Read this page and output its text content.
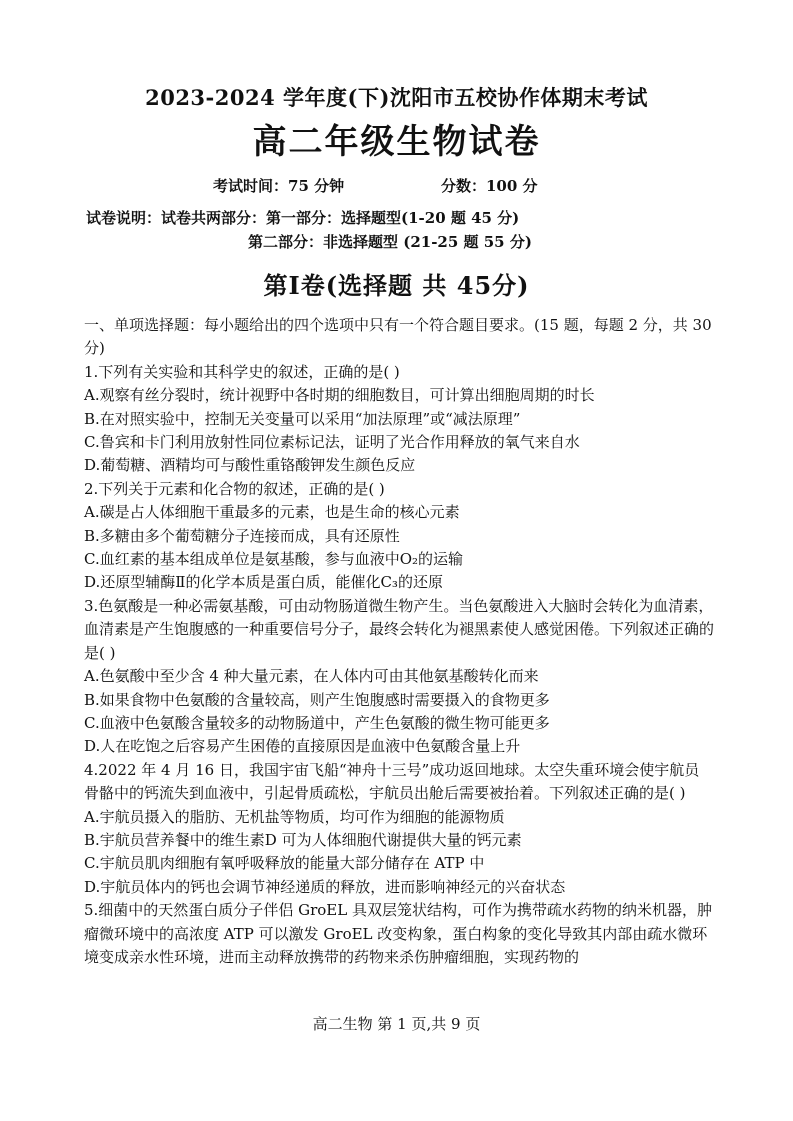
2023-2024 学年度(下)沈阳市五校协作体期末考试
高二年级生物试卷
考试时间：75 分钟	分数：100 分
试卷说明：试卷共两部分：第一部分：选择题型(1-20 题 45 分)
第二部分：非选择题型 (21-25 题 55 分)
第Ⅰ卷(选择题 共 45分)

一、单项选择题：每小题给出的四个选项中只有一个符合题目要求。(15 题，每题 2 分，共 30 分)

1.下列有关实验和其科学史的叙述，正确的是( )

A.观察有丝分裂时，统计视野中各时期的细胞数目，可计算出细胞周期的时长

B.在对照实验中，控制无关变量可以采用“加法原理”或“减法原理”

C.鲁宾和卡门利用放射性同位素标记法，证明了光合作用释放的氧气来自水

D.葡萄糖、酒精均可与酸性重铬酸钾发生颜色反应

2.下列关于元素和化合物的叙述，正确的是( )

A.碳是占人体细胞干重最多的元素，也是生命的核心元素

B.多糖由多个葡萄糖分子连接而成，具有还原性

C.血红素的基本组成单位是氨基酸，参与血液中O₂的运输

D.还原型辅酶Ⅱ的化学本质是蛋白质，能催化C₃的还原

3.色氨酸是一种必需氨基酸，可由动物肠道微生物产生。当色氨酸进入大脑时会转化为血清素，血清素是产生饱腹感的一种重要信号分子，最终会转化为褪黑素使人感觉困倦。下列叙述正确的是( )

A.色氨酸中至少含 4 种大量元素，在人体内可由其他氨基酸转化而来

B.如果食物中色氨酸的含量较高，则产生饱腹感时需要摄入的食物更多

C.血液中色氨酸含量较多的动物肠道中，产生色氨酸的微生物可能更多

D.人在吃饱之后容易产生困倦的直接原因是血液中色氨酸含量上升

4.2022 年 4 月 16 日，我国宇宙飞船“神舟十三号”成功返回地球。太空失重环境会使宇航员骨骼中的钙流失到血液中，引起骨质疏松，宇航员出舱后需要被抬着。下列叙述正确的是( )

A.宇航员摄入的脂肪、无机盐等物质，均可作为细胞的能源物质

B.宇航员营养餐中的维生素D 可为人体细胞代谢提供大量的钙元素

C.宇航员肌肉细胞有氧呼吸释放的能量大部分储存在 ATP 中

D.宇航员体内的钙也会调节神经递质的释放，进而影响神经元的兴奋状态

5.细菌中的天然蛋白质分子伴侣 GroEL 具双层笼状结构，可作为携带疏水药物的纳米机器，肿瘤微环境中的高浓度 ATP 可以激发 GroEL 改变构象，蛋白构象的变化导致其内部由疏水微环境变成亲水性环境，进而主动释放携带的药物来杀伤肿瘤细胞，实现药物的

高二生物 第 1 页,共 9 页
